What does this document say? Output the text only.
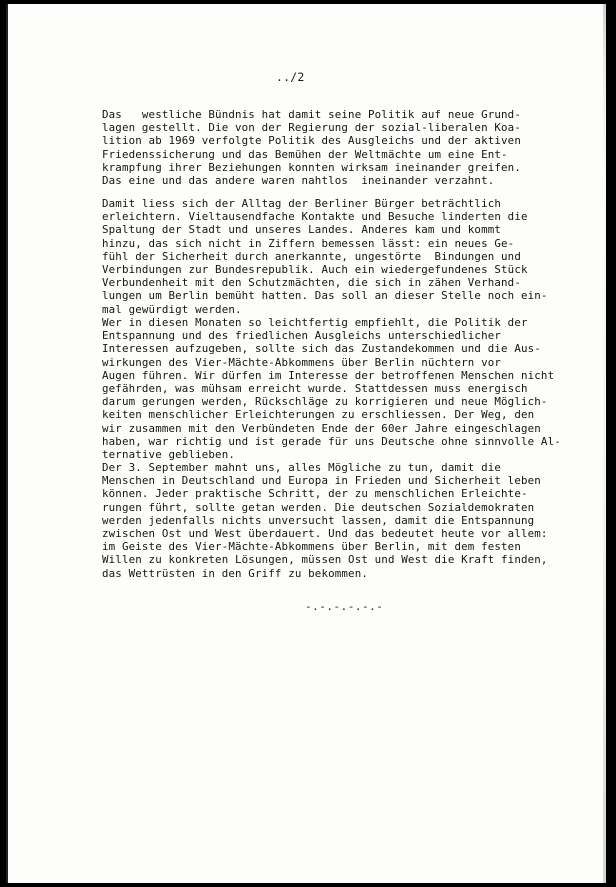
../2
Das   westliche Bündnis hat damit seine Politik auf neue Grund-
lagen gestellt. Die von der Regierung der sozial-liberalen Koa-
lition ab 1969 verfolgte Politik des Ausgleichs und der aktiven
Friedenssicherung und das Bemühen der Weltmächte um eine Ent-
krampfung ihrer Beziehungen konnten wirksam ineinander greifen.
Das eine und das andere waren nahtlos  ineinander verzahnt.
Damit liess sich der Alltag der Berliner Bürger beträchtlich
erleichtern. Vieltausendfache Kontakte und Besuche linderten die
Spaltung der Stadt und unseres Landes. Anderes kam und kommt
hinzu, das sich nicht in Ziffern bemessen lässt: ein neues Ge-
fühl der Sicherheit durch anerkannte, ungestörte  Bindungen und
Verbindungen zur Bundesrepublik. Auch ein wiedergefundenes Stück
Verbundenheit mit den Schutzmächten, die sich in zähen Verhand-
lungen um Berlin bemüht hatten. Das soll an dieser Stelle noch ein-
mal gewürdigt werden.
Wer in diesen Monaten so leichtfertig empfiehlt, die Politik der
Entspannung und des friedlichen Ausgleichs unterschiedlicher
Interessen aufzugeben, sollte sich das Zustandekommen und die Aus-
wirkungen des Vier-Mächte-Abkommens über Berlin nüchtern vor
Augen führen. Wir dürfen im Interesse der betroffenen Menschen nicht
gefährden, was mühsam erreicht wurde. Stattdessen muss energisch
darum gerungen werden, Rückschläge zu korrigieren und neue Möglich-
keiten menschlicher Erleichterungen zu erschliessen. Der Weg, den
wir zusammen mit den Verbündeten Ende der 60er Jahre eingeschlagen
haben, war richtig und ist gerade für uns Deutsche ohne sinnvolle Al-
ternative geblieben.
Der 3. September mahnt uns, alles Mögliche zu tun, damit die
Menschen in Deutschland und Europa in Frieden und Sicherheit leben
können. Jeder praktische Schritt, der zu menschlichen Erleichte-
rungen führt, sollte getan werden. Die deutschen Sozialdemokraten
werden jedenfalls nichts unversucht lassen, damit die Entspannung
zwischen Ost und West überdauert. Und das bedeutet heute vor allem:
im Geiste des Vier-Mächte-Abkommens über Berlin, mit dem festen
Willen zu konkreten Lösungen, müssen Ost und West die Kraft finden,
das Wettrüsten in den Griff zu bekommen.
-.-.-.-.-.-
